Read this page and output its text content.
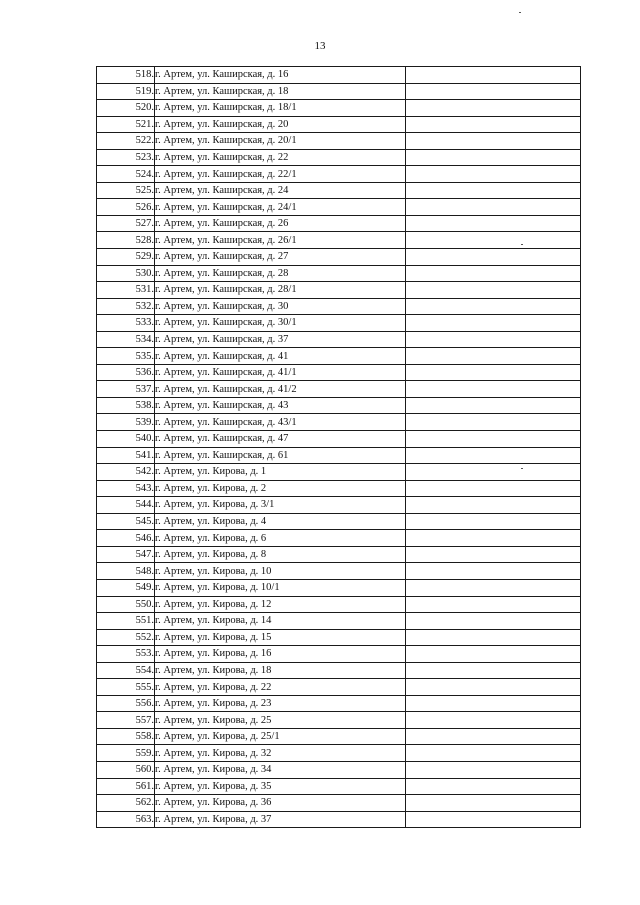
13
518.	г. Артем, ул. Каширская, д. 16	
519.	г. Артем, ул. Каширская, д. 18	
520.	г. Артем, ул. Каширская, д. 18/1	
521.	г. Артем, ул. Каширская, д. 20	
522.	г. Артем, ул. Каширская, д. 20/1	
523.	г. Артем, ул. Каширская, д. 22	
524.	г. Артем, ул. Каширская, д. 22/1	
525.	г. Артем, ул. Каширская, д. 24	
526.	г. Артем, ул. Каширская, д. 24/1	
527.	г. Артем, ул. Каширская, д. 26	
528.	г. Артем, ул. Каширская, д. 26/1	
529.	г. Артем, ул. Каширская, д. 27	
530.	г. Артем, ул. Каширская, д. 28	
531.	г. Артем, ул. Каширская, д. 28/1	
532.	г. Артем, ул. Каширская, д. 30	
533.	г. Артем, ул. Каширская, д. 30/1	
534.	г. Артем, ул. Каширская, д. 37	
535.	г. Артем, ул. Каширская, д. 41	
536.	г. Артем, ул. Каширская, д. 41/1	
537.	г. Артем, ул. Каширская, д. 41/2	
538.	г. Артем, ул. Каширская, д. 43	
539.	г. Артем, ул. Каширская, д. 43/1	
540.	г. Артем, ул. Каширская, д. 47	
541.	г. Артем, ул. Каширская, д. 61	
542.	г. Артем, ул. Кирова, д. 1	
543.	г. Артем, ул. Кирова, д. 2	
544.	г. Артем, ул. Кирова, д. 3/1	
545.	г. Артем, ул. Кирова, д. 4	
546.	г. Артем, ул. Кирова, д. 6	
547.	г. Артем, ул. Кирова, д. 8	
548.	г. Артем, ул. Кирова, д. 10	
549.	г. Артем, ул. Кирова, д. 10/1	
550.	г. Артем, ул. Кирова, д. 12	
551.	г. Артем, ул. Кирова, д. 14	
552.	г. Артем, ул. Кирова, д. 15	
553.	г. Артем, ул. Кирова, д. 16	
554.	г. Артем, ул. Кирова, д. 18	
555.	г. Артем, ул. Кирова, д. 22	
556.	г. Артем, ул. Кирова, д. 23	
557.	г. Артем, ул. Кирова, д. 25	
558.	г. Артем, ул. Кирова, д. 25/1	
559.	г. Артем, ул. Кирова, д. 32	
560.	г. Артем, ул. Кирова, д. 34	
561.	г. Артем, ул. Кирова, д. 35	
562.	г. Артем, ул. Кирова, д. 36	
563.	г. Артем, ул. Кирова, д. 37	
